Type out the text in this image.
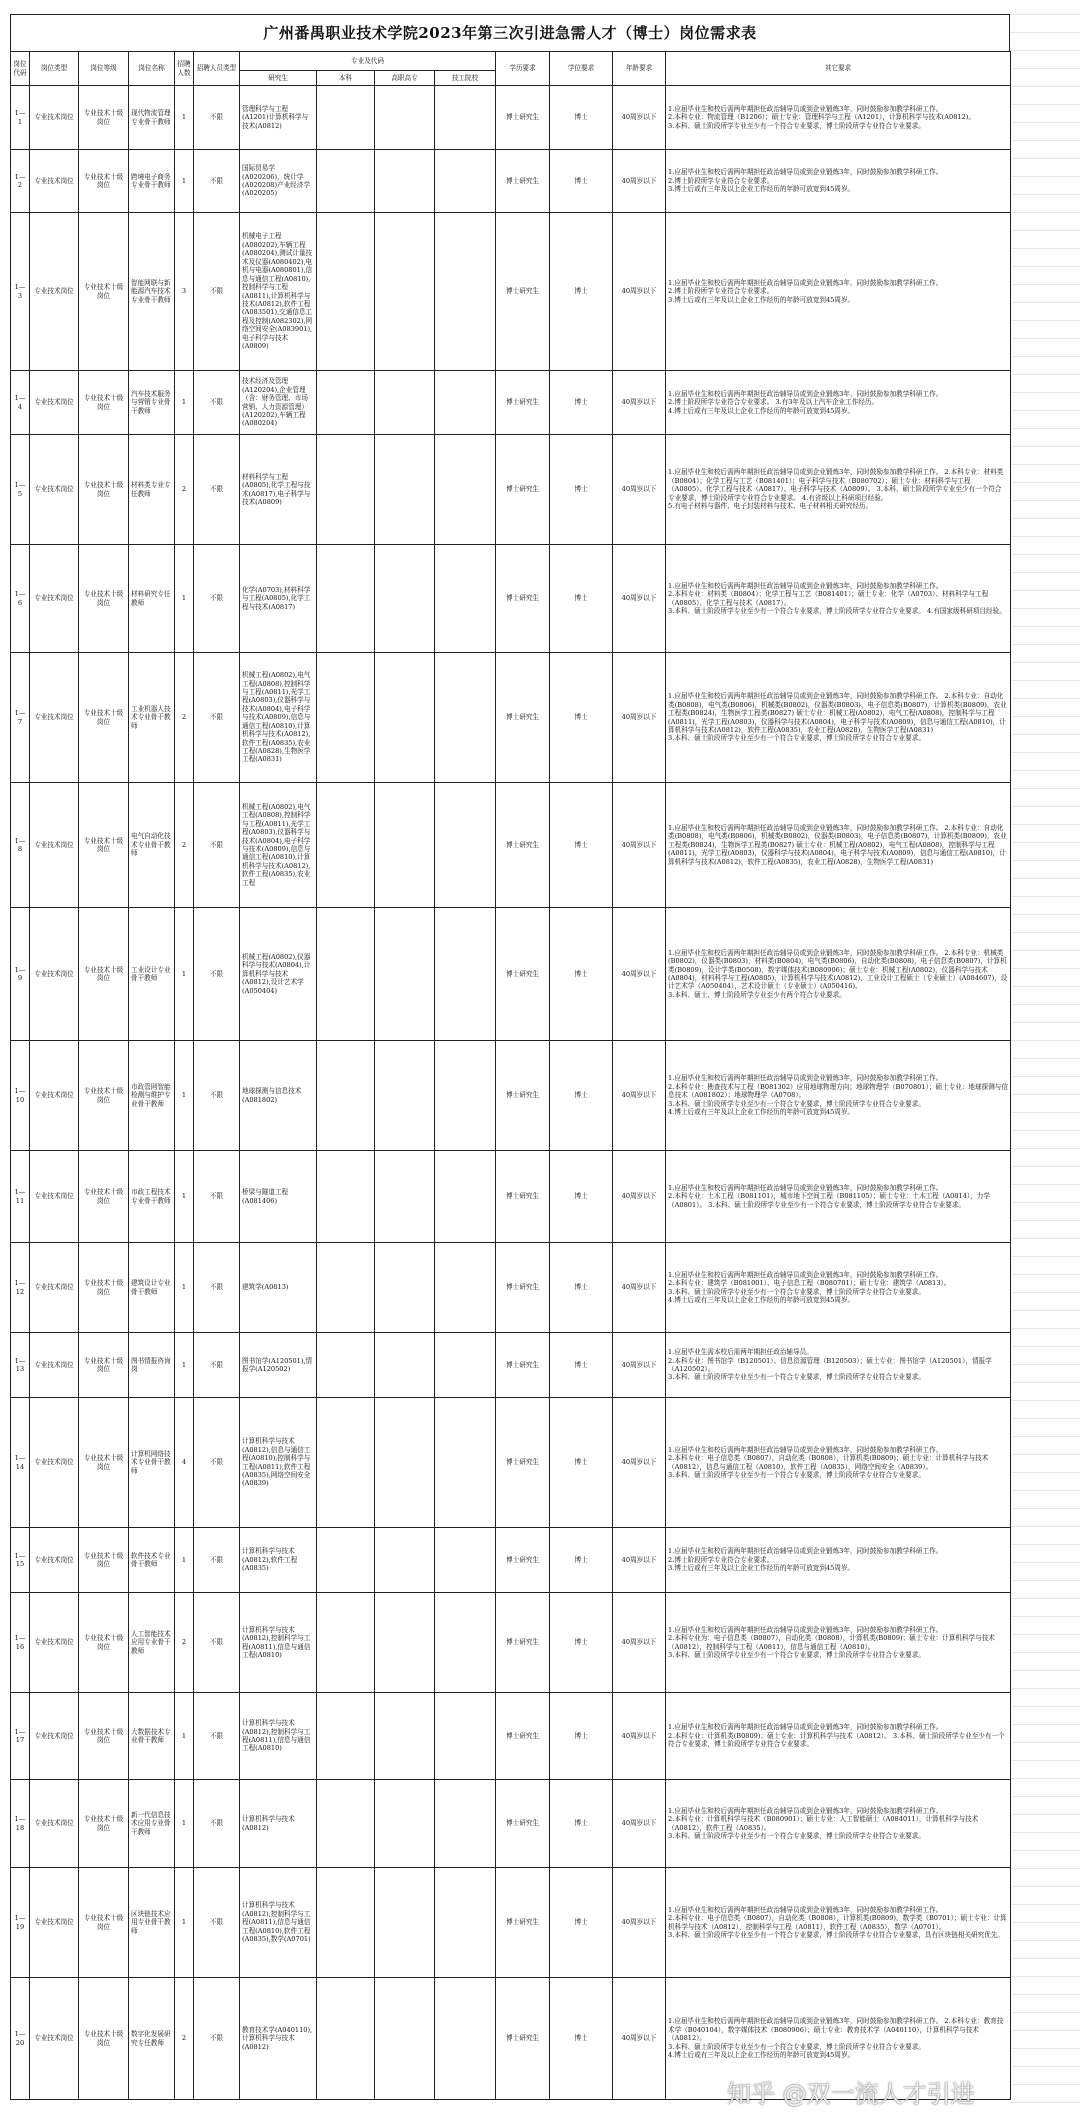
广州番禺职业技术学院2023年第三次引进急需人才（博士）岗位需求表
岗位代码	岗位类型	岗位等级	岗位名称	招聘人数	招聘人员类型	专业及代码				学历要求	学位要求	年龄要求	其它要求
						研究生	本科	高职高专	技工院校				
1—1	专业技术岗位	专业技术十级岗位	现代物流管理专业骨干教师	1	不限	管理科学与工程(A1201)计算机科学与技术(A0812)				博士研究生	博士	40周岁以下	1.应届毕业生和校后需两年期担任政治辅导员或到企业锻炼3年，同时鼓励参加教学科研工作。
2.本科专业：物流管理（B1206）；硕士专业：管理科学与工程（A1201），计算机科学与技术(A0812)。
3.本科、硕士阶段所学专业至少有一个符合专业要求，博士阶段所学专业符合专业要求。
1—2	专业技术岗位	专业技术十级岗位	跨境电子商务专业骨干教师	1	不限	国际贸易学(A020206)，统计学(A020208)产业经济学(A020205)				博士研究生	博士	40周岁以下	1.应届毕业生和校后需两年期担任政治辅导员或到企业锻炼3年，同时鼓励参加教学科研工作。
2.博士阶段所学专业符合专业要求。
3.博士后或有三年及以上企业工作经历的年龄可放宽到45周岁。
1—3	专业技术岗位	专业技术十级岗位	智能网联与新能源汽车技术专业骨干教师	3	不限	机械电子工程(A080202),车辆工程(A080204),测试计量技术及仪器(A080402),电机与电器(A080801),信息与通信工程(A0810),控制科学与工程(A0811),计算机科学与技术(A0812),软件工程(A083501),交通信息工程及控制(A082302),网络空间安全(A083901),电子科学与技术(A0809)				博士研究生	博士	40周岁以下	1.应届毕业生和校后需两年期担任政治辅导员或到企业锻炼3年，同时鼓励参加教学科研工作。
2.博士阶段所学专业符合专业要求。
3.博士后或有三年及以上企业工作经历的年龄可放宽到45周岁。
1—4	专业技术岗位	专业技术十级岗位	汽车技术服务与营销专业骨干教师	1	不限	技术经济及管理(A120204),企业管理（含：财务管理、市场营销、人力资源管理）(A120202),车辆工程(A080204)				博士研究生	博士	40周岁以下	1.应届毕业生和校后需两年期担任政治辅导员或到企业锻炼3年，同时鼓励参加教学科研工作。
2.博士阶段所学专业符合专业要求。 3.有3年及以上汽车企业工作经历。
4.博士后或有三年及以上企业工作经历的年龄可放宽到45周岁。
1—5	专业技术岗位	专业技术十级岗位	材料类专业专任教师	2	不限	材料科学与工程(A0805),化学工程与技术(A0817),电子科学与技术(A0809)				博士研究生	博士	40周岁以下	1.应届毕业生和校后需两年期担任政治辅导员或到企业锻炼3年，同时鼓励参加教学科研工作。 2.本科专业：材料类（B0804）；化学工程与工艺（B081401）；电子科学与技术（B080702）；硕士专业：材料科学与工程（A0805）、化学工程与技术（A0817）、电子科学与技术（A0809）。 3.本科、硕士阶段所学专业至少有一个符合专业要求，博士阶段所学专业符合专业要求。 4.有省级以上科研项目经验。
5.有电子材料与器件、电子封装材料与技术、电子材料相关研究经历。
1—6	专业技术岗位	专业技术十级岗位	材料研究专任教师	1	不限	化学(A0703),材料科学与工程(A0805),化学工程与技术(A0817)				博士研究生	博士	40周岁以下	1.应届毕业生和校后需两年期担任政治辅导员或到企业锻炼3年，同时鼓励参加教学科研工作。
2.本科专业：材料类（B0804）；化学工程与工艺（B081401）；硕士专业：化学（A0703）、材料科学与工程（A0805）、化学工程与技术（A0817）。
3.本科、硕士阶段所学专业至少有一个符合专业要求，博士阶段所学专业符合专业要求。 4.有国家级科研项目经验。
1—7	专业技术岗位	专业技术十级岗位	工业机器人技术专业骨干教师	2	不限	机械工程(A0802),电气工程(A0808),控制科学与工程(A0811),光学工程(A0803),仪器科学与技术(A0804),电子科学与技术(A0809),信息与通信工程(A0810),计算机科学与技术(A0812),软件工程(A0835),农业工程(A0828),生物医学工程(A0831)				博士研究生	博士	40周岁以下	1.应届毕业生和校后需两年期担任政治辅导员或到企业锻炼3年，同时鼓励参加教学科研工作。 2.本科专业：自动化类(B0808)，电气类(B0806)，机械类(B0802)，仪器类(B0803)，电子信息类(B0807)，计算机类(B0809)，农业工程类(B0824)，生物医学工程类(B0827) 硕士专业：机械工程(A0802)，电气工程(A0808)，控制科学与工程(A0811)，光学工程(A0803)，仪器科学与技术(A0804)，电子科学与技术(A0809)，信息与通信工程(A0810)，计算机科学与技术(A0812)，软件工程(A0835)，农业工程(A0828)，生物医学工程(A0831)
3.本科、硕士阶段所学专业至少有一个符合专业要求，博士阶段所学专业符合专业要求。
1—8	专业技术岗位	专业技术十级岗位	电气自动化技术专业骨干教师	2	不限	机械工程(A0802),电气工程(A0808),控制科学与工程(A0811),光学工程(A0803),仪器科学与技术(A0804),电子科学与技术(A0809),信息与通信工程(A0810),计算机科学与技术(A0812),软件工程(A0835),农业工程				博士研究生	博士	40周岁以下	1.应届毕业生和校后需两年期担任政治辅导员或到企业锻炼3年，同时鼓励参加教学科研工作。 2.本科专业：自动化类(B0808)，电气类(B0806)，机械类(B0802)，仪器类(B0803)，电子信息类(B0807)，计算机类(B0809)，农业工程类(B0824)，生物医学工程类(B0827) 硕士专业：机械工程(A0802)，电气工程(A0808)，控制科学与工程(A0811)，光学工程(A0803)，仪器科学与技术(A0804)，电子科学与技术(A0809)，信息与通信工程(A0810)，计算机科学与技术(A0812)，软件工程(A0835)，农业工程(A0828)，生物医学工程(A0831)
1—9	专业技术岗位	专业技术十级岗位	工业设计专业骨干教师	1	不限	机械工程(A0802),仪器科学与技术(A0804),计算机科学与技术(A0812),设计艺术学(A050404)				博士研究生	博士	40周岁以下	1.应届毕业生和校后需两年期担任政治辅导员或到企业锻炼3年，同时鼓励参加教学科研工作。 2.本科专业：机械类(B0802)，仪器类(B0803)，材料类(B0804)，电气类(B0806)，自动化类(B0808)，电子信息类(B0807)，计算机类(B0809)，设计学类(B0508)，数字媒体技术(B080906)；硕士专业：机械工程(A0802)，仪器科学与技术(A0804)，材料科学与工程(A0805)，计算机科学与技术(A0812)，工业设计工程硕士（专业硕士）(A084607)，设计艺术学（A050404），艺术设计硕士（专业硕士）(A050416)。
3.本科、硕士、博士阶段所学专业至少有两个符合专业要求。
1—10	专业技术岗位	专业技术十级岗位	市政管网智能检测与维护专业骨干教师	1	不限	地球探测与信息技术(A081802)				博士研究生	博士	40周岁以下	1.应届毕业生和校后需两年期担任政治辅导员或到企业锻炼3年，同时鼓励参加教学科研工作。
2.本科专业：勘查技术与工程（B081302）应用地球物理方向；地球物理学（B070801）；硕士专业：地球探测与信息技术（A081802）；地球物理学（A0708）。
3.本科、硕士阶段所学专业至少有一个符合专业要求，博士阶段所学专业符合专业要求。
4.博士后或有三年及以上企业工作经历的年龄可放宽到45周岁。
1—11	专业技术岗位	专业技术十级岗位	市政工程技术专业骨干教师	1	不限	桥梁与隧道工程(A081406)				博士研究生	博士	40周岁以下	1.应届毕业生和校后需两年期担任政治辅导员或到企业锻炼3年，同时鼓励参加教学科研工作。
2.本科专业：土木工程（B081101），城市地下空间工程（B081105）；硕士专业：土木工程（A0814），力学（A0801）。 3.本科、硕士阶段所学专业至少有一个符合专业要求，博士阶段所学专业符合专业要求。
1—12	专业技术岗位	专业技术十级岗位	建筑设计专业骨干教师	1	不限	建筑学(A0813)				博士研究生	博士	40周岁以下	1.应届毕业生和校后需两年期担任政治辅导员或到企业锻炼3年，同时鼓励参加教学科研工作。
2.本科专业：建筑学（B081001）、电子信息工程（B080701）；硕士专业：建筑学（A0813）。
3.本科、硕士阶段所学专业至少有一个符合专业要求，博士阶段所学专业符合专业要求。
4.博士后或有三年及以上企业工作经历的年龄可放宽到45周岁。
1—13	专业技术岗位	专业技术十级岗位	图书情报咨询岗	1	不限	图书馆学(A120501),情报学(A120502)				博士研究生	博士	40周岁以下	1.应届毕业生需本校后需两年期担任政治辅导员。
2.本科专业：图书馆学（B120501）、信息资源管理（B120503）；硕士专业：图书馆学（A120501），情报学（A120502）。
3.本科、硕士阶段所学专业至少有一个符合专业要求，博士阶段所学专业符合专业要求。
1—14	专业技术岗位	专业技术十级岗位	计算机网络技术专业骨干教师	4	不限	计算机科学与技术(A0812),信息与通信工程(A0810),控制科学与工程(A0811),软件工程(A0835),网络空间安全(A0839)				博士研究生	博士	40周岁以下	1.应届毕业生和校后需两年期担任政治辅导员或到企业锻炼3年，同时鼓励参加教学科研工作。
2.本科专业：电子信息类（B0807），自动化类（B0808），计算机类(B0809)；硕士专业：计算机科学与技术（A0812），信息与通信工程（A0810），软件工程（A0835），网络空间安全（A0839）。
3.本科、硕士阶段所学专业至少有一个符合专业要求，博士阶段所学专业符合专业要求。
1—15	专业技术岗位	专业技术十级岗位	软件技术专业骨干教师	1	不限	计算机科学与技术(A0812),软件工程(A0835)				博士研究生	博士	40周岁以下	1.应届毕业生和校后需两年期担任政治辅导员或到企业锻炼3年，同时鼓励参加教学科研工作。
2.博士阶段所学专业符合专业要求。
3.博士后或有三年及以上企业工作经历的年龄可放宽到45周岁。
1—16	专业技术岗位	专业技术十级岗位	人工智能技术应用专业骨干教师	2	不限	计算机科学与技术(A0812),控制科学与工程(A0811),信息与通信工程(A0810)				博士研究生	博士	40周岁以下	1.应届毕业生和校后需两年期担任政治辅导员或到企业锻炼3年，同时鼓励参加教学科研工作。
2.本科专业为：电子信息类（B0807），自动化类（B0808），计算机类(B0809)；硕士专业：计算机科学与技术（A0812），控制科学与工程（A0811），信息与通信工程（A0810）。
3.本科、硕士阶段所学专业至少有一个符合专业要求，博士阶段所学专业符合专业要求。
1—17	专业技术岗位	专业技术十级岗位	大数据技术专业骨干教师	1	不限	计算机科学与技术(A0812),控制科学与工程(A0811),信息与通信工程(A0810)				博士研究生	博士	40周岁以下	1.应届毕业生和校后需两年期担任政治辅导员或到企业锻炼3年，同时鼓励参加教学科研工作。
2.本科专业：计算机类(B0809)；硕士专业：计算机科学与技术（A0812）。 3.本科、硕士阶段所学专业至少有一个符合专业要求，博士阶段所学专业符合专业要求。
1—18	专业技术岗位	专业技术十级岗位	新一代信息技术应用专业骨干教师	1	不限	计算机科学与技术(A0812)				博士研究生	博士	40周岁以下	1.应届毕业生和校后需两年期担任政治辅导员或到企业锻炼3年，同时鼓励参加教学科研工作。
2.本科专业：计算机科学与技术（B080901）；硕士专业：人工智能硕士（A084011），计算机科学与技术（A0812），软件工程（A0835）。
3.本科、硕士阶段所学专业至少有一个符合专业要求，博士阶段所学专业符合专业要求。
1—19	专业技术岗位	专业技术十级岗位	区块链技术应用专业骨干教师	1	不限	计算机科学与技术(A0812),控制科学与工程(A0811),信息与通信工程(A0810),软件工程(A0835),数学(A0701)				博士研究生	博士	40周岁以下	1.应届毕业生和校后需两年期担任政治辅导员或到企业锻炼3年，同时鼓励参加教学科研工作。
2.本科专业：电子信息类（B0807），自动化类（B0808），计算机类(B0809)，数学类（B0701）；硕士专业：计算机科学与技术（A0812），控制科学与工程（A0811），软件工程（A0835），数学（A0701）。
3.本科、硕士阶段所学专业至少有一个符合专业要求，博士阶段所学专业符合专业要求，具有区块链相关研究优先。
1—20	专业技术岗位	专业技术十级岗位	数字化发展研究专任教师	2	不限	教育技术学(A040110),计算机科学与技术(A0812)				博士研究生	博士	40周岁以下	1.应届毕业生和校后需两年期担任政治辅导员或到企业锻炼3年，同时鼓励参加教学科研工作。 2.本科专业：教育技术学（B040104），数字媒体技术（B080906）；硕士专业：教育技术学（A040110），计算机科学与技术（A0812）。
3.本科、硕士阶段所学专业至少有一个符合专业要求，博士阶段所学专业符合专业要求。
4.博士后或有三年及以上企业工作经历的年龄可放宽到45周岁。
知乎 @双一流人才引进
